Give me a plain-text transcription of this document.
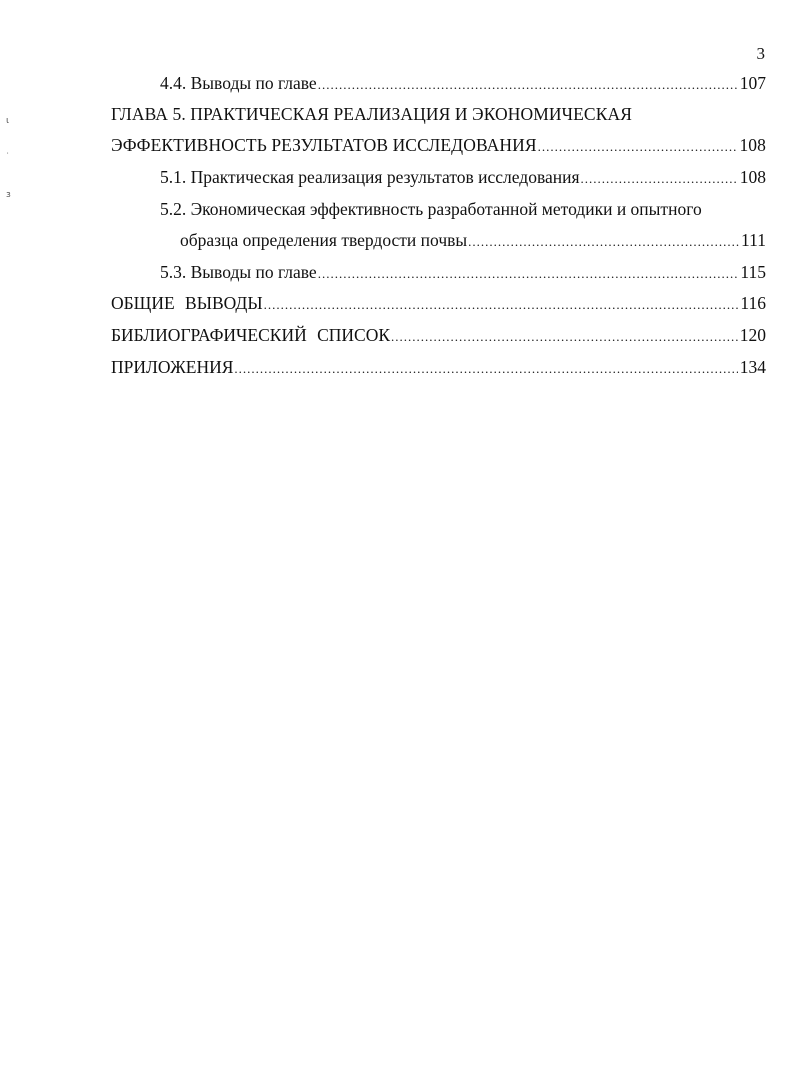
3
4.4. Выводы по главе .....	107
ГЛАВА 5. ПРАКТИЧЕСКАЯ РЕАЛИЗАЦИЯ И ЭКОНОМИЧЕСКАЯ
ЭФФЕКТИВНОСТЬ РЕЗУЛЬТАТОВ ИССЛЕДОВАНИЯ .....	108
5.1. Практическая реализация результатов исследования .....	108
5.2. Экономическая эффективность разработанной методики и опытного
образца определения твердости почвы .....	111
5.3. Выводы по главе .....	115
ОБЩИЕ ВЫВОДЫ .....	116
БИБЛИОГРАФИЧЕСКИЙ СПИСОК .....	120
ПРИЛОЖЕНИЯ .....	134
ɩ
ˈ
ɜ
